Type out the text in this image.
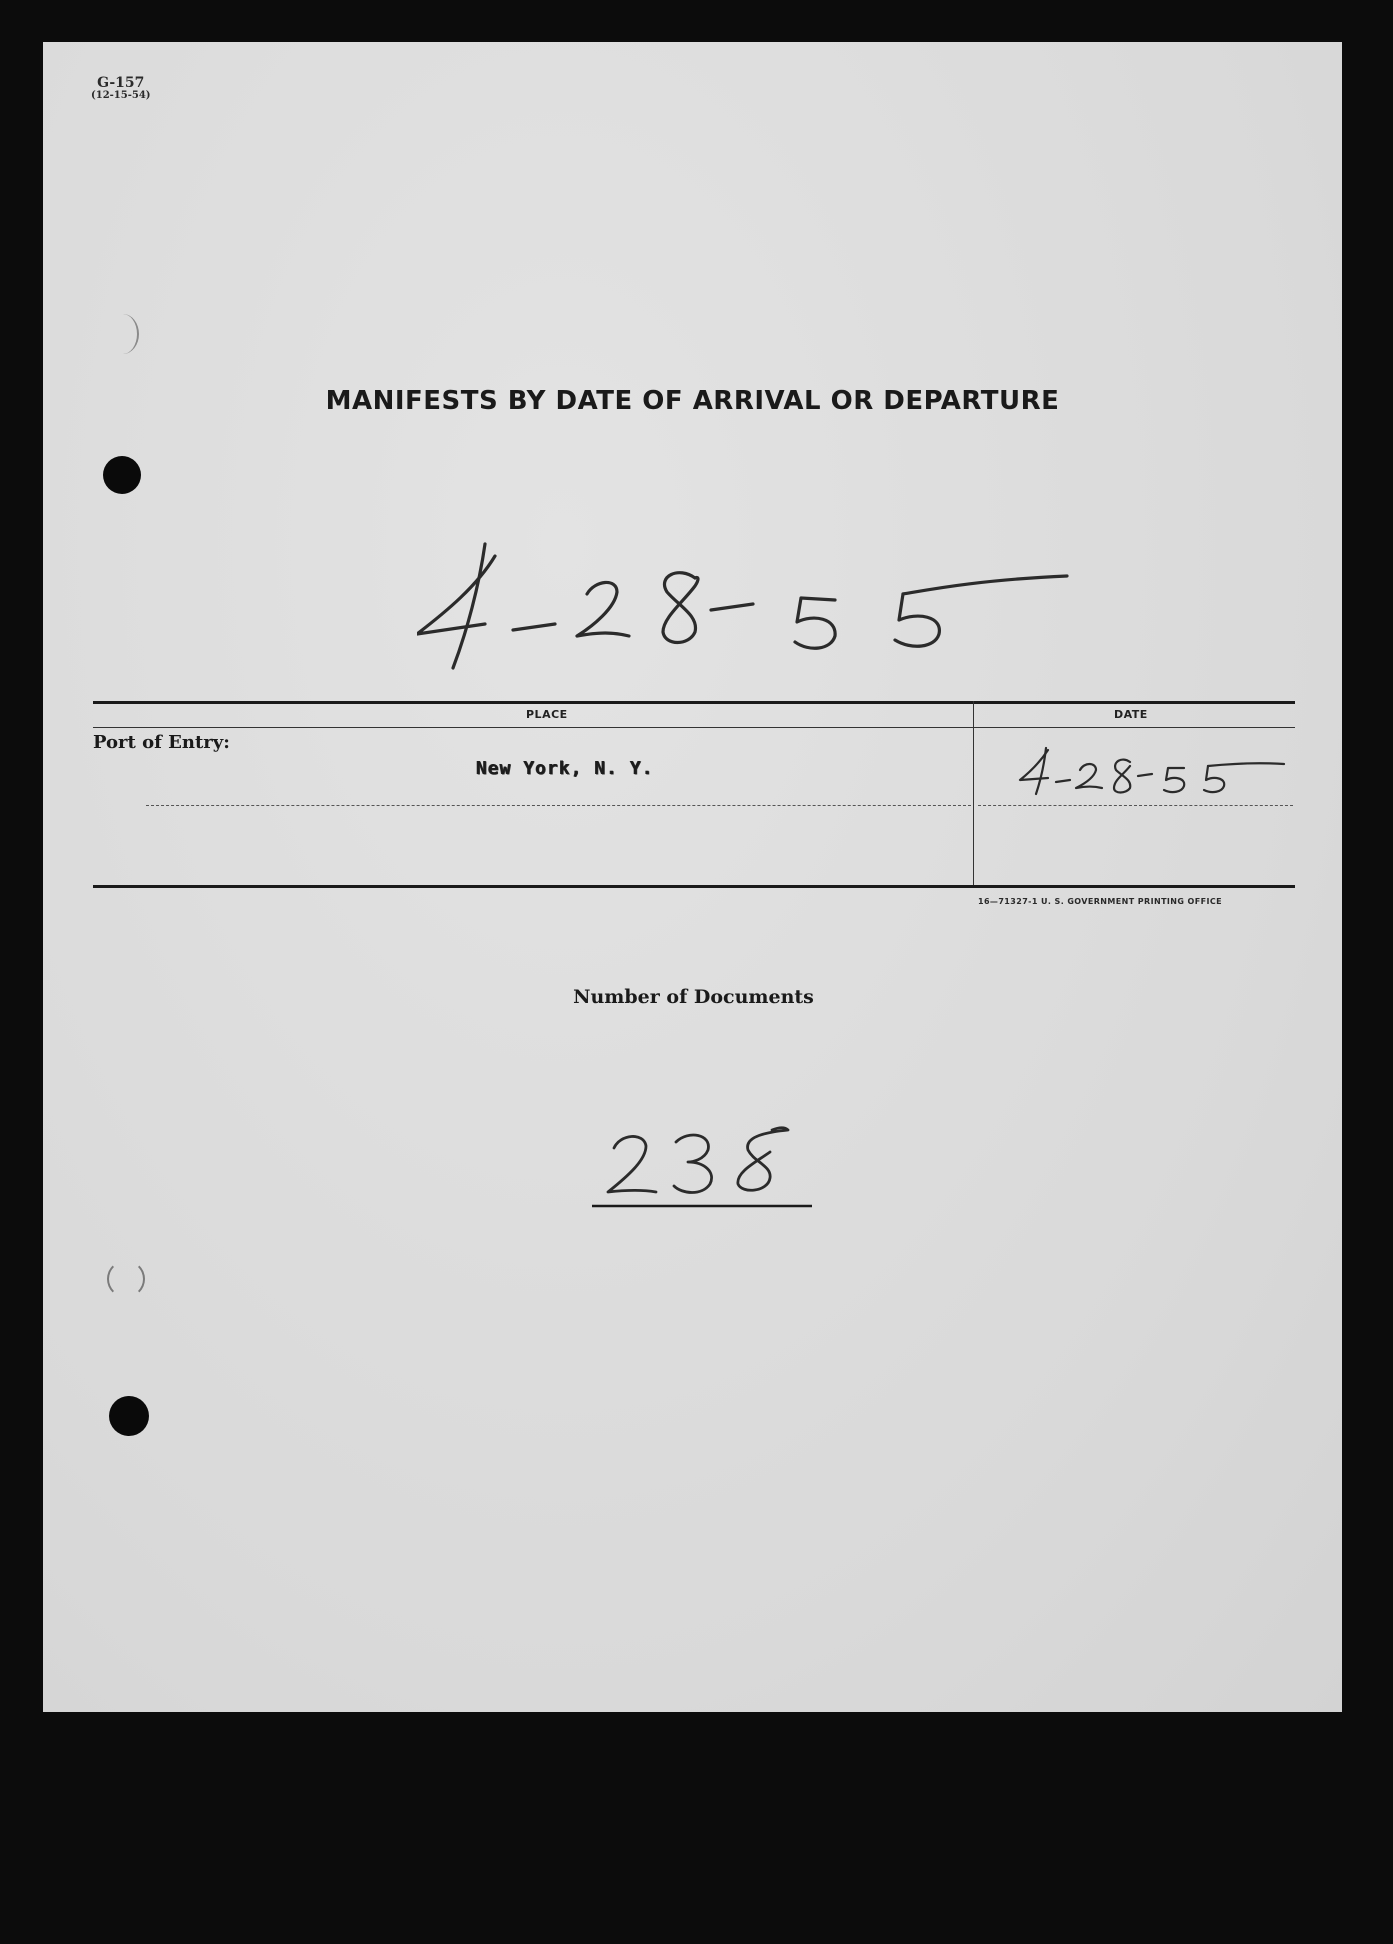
G-157
(12-15-54)
MANIFESTS BY DATE OF ARRIVAL OR DEPARTURE
PLACE	DATE
Port of Entry:
New York, N. Y.
16—71327-1 U. S. GOVERNMENT PRINTING OFFICE
Number of Documents
